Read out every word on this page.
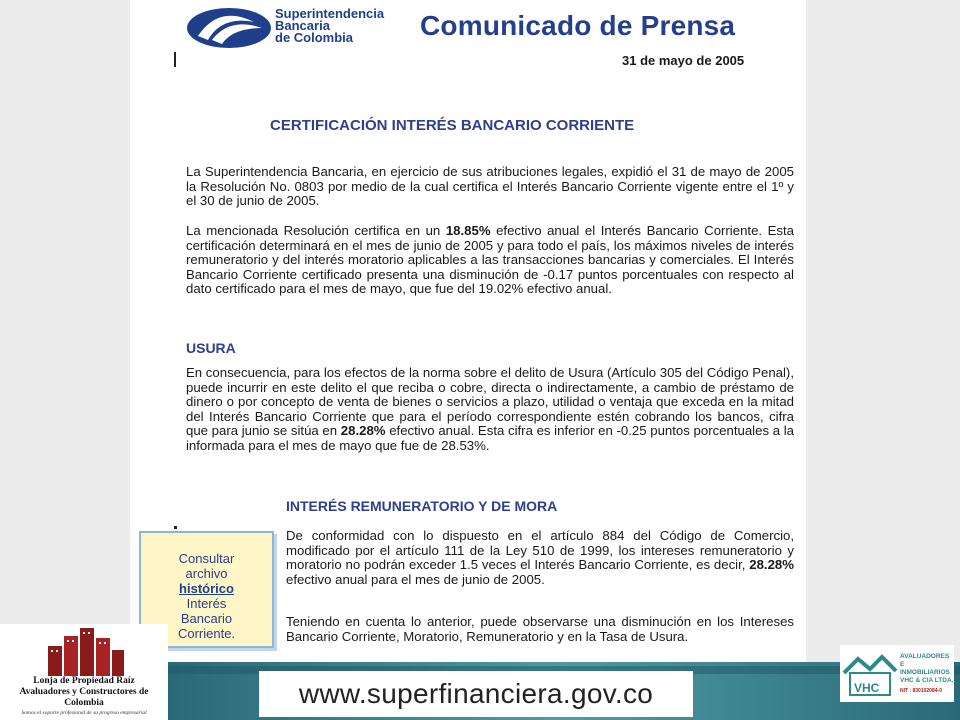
Superintendencia
Bancaria
de Colombia	Comunicado de Prensa
31 de mayo de 2005
CERTIFICACIÓN INTERÉS BANCARIO CORRIENTE
La Superintendencia Bancaria, en ejercicio de sus atribuciones legales, expidió el 31 de mayo de 2005 la Resolución No. 0803 por medio de la cual certifica el Interés Bancario Corriente vigente entre el 1º y el 30 de junio de 2005.
La mencionada Resolución certifica en un 18.85% efectivo anual el Interés Bancario Corriente. Esta certificación determinará en el mes de junio de 2005 y para todo el país, los máximos niveles de interés remuneratorio y del interés moratorio aplicables a las transacciones bancarias y comerciales. El Interés Bancario Corriente certificado presenta una disminución de -0.17 puntos porcentuales con respecto al dato certificado para el mes de mayo, que fue del 19.02% efectivo anual.
USURA
En consecuencia, para los efectos de la norma sobre el delito de Usura (Artículo 305 del Código Penal), puede incurrir en este delito el que reciba o cobre, directa o indirectamente, a cambio de préstamo de dinero o por concepto de venta de bienes o servicios a plazo, utilidad o ventaja que exceda en la mitad del Interés Bancario Corriente que para el período correspondiente estén cobrando los bancos, cifra que para junio se sitúa en 28.28% efectivo anual. Esta cifra es inferior en -0.25 puntos porcentuales a la informada para el mes de mayo que fue de 28.53%.
INTERÉS REMUNERATORIO Y DE MORA
De conformidad con lo dispuesto en el artículo 884 del Código de Comercio, modificado por el artículo 111 de la Ley 510 de 1999, los intereses remuneratorio y moratorio no podrán exceder 1.5 veces el Interés Bancario Corriente, es decir, 28.28% efectivo anual para el mes de junio de 2005.
Teniendo en cuenta lo anterior, puede observarse una disminución en los Intereses Bancario Corriente, Moratorio, Remuneratorio y en la Tasa de Usura.
Consultar
archivo
histórico
Interés
Bancario
Corriente.
www.superfinanciera.gov.co
Lonja de Propiedad Raíz
Avaluadores y Constructores de Colombia
Somos el soporte profesional de su progreso empresarial
VHC
AVALUADORES
E INMOBILIARIOS
VHC & CIA LTDA.
NIT : 830102084-0
